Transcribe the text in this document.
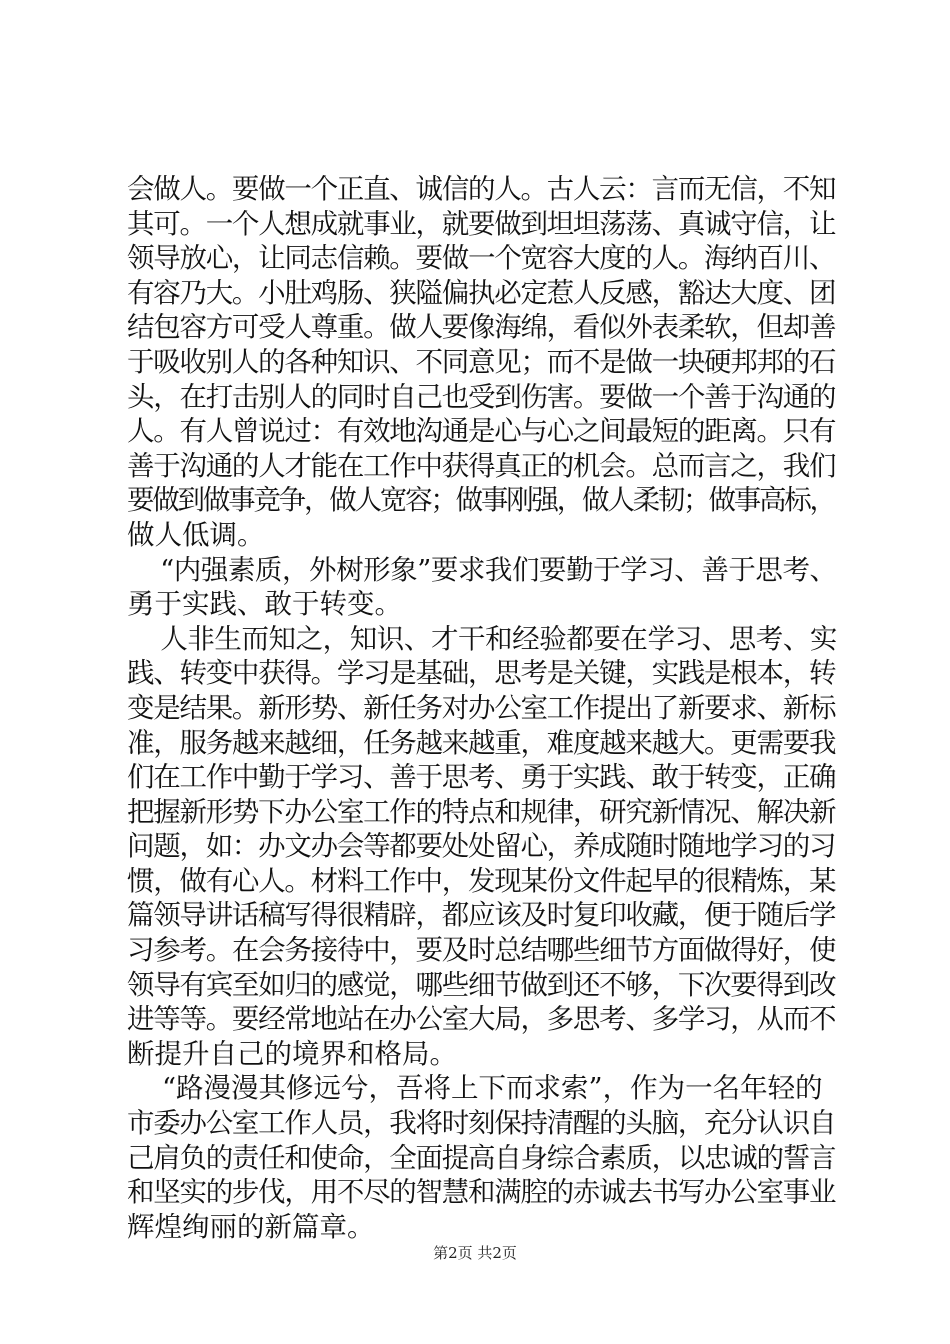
会做人。要做一个正直、诚信的人。古人云：言而无信，不知
其可。一个人想成就事业，就要做到坦坦荡荡、真诚守信，让
领导放心，让同志信赖。要做一个宽容大度的人。海纳百川、
有容乃大。小肚鸡肠、狭隘偏执必定惹人反感，豁达大度、团
结包容方可受人尊重。做人要像海绵，看似外表柔软，但却善
于吸收别人的各种知识、不同意见；而不是做一块硬邦邦的石
头，在打击别人的同时自己也受到伤害。要做一个善于沟通的
人。有人曾说过：有效地沟通是心与心之间最短的距离。只有
善于沟通的人才能在工作中获得真正的机会。总而言之，我们
要做到做事竞争，做人宽容；做事刚强，做人柔韧；做事高标，
做人低调。
“内强素质，外树形象”要求我们要勤于学习、善于思考、
勇于实践、敢于转变。
人非生而知之，知识、才干和经验都要在学习、思考、实
践、转变中获得。学习是基础，思考是关键，实践是根本，转
变是结果。新形势、新任务对办公室工作提出了新要求、新标
准，服务越来越细，任务越来越重，难度越来越大。更需要我
们在工作中勤于学习、善于思考、勇于实践、敢于转变，正确
把握新形势下办公室工作的特点和规律，研究新情况、解决新
问题，如：办文办会等都要处处留心，养成随时随地学习的习
惯，做有心人。材料工作中，发现某份文件起早的很精炼，某
篇领导讲话稿写得很精辟，都应该及时复印收藏，便于随后学
习参考。在会务接待中，要及时总结哪些细节方面做得好，使
领导有宾至如归的感觉，哪些细节做到还不够，下次要得到改
进等等。要经常地站在办公室大局，多思考、多学习，从而不
断提升自己的境界和格局。
“路漫漫其修远兮，吾将上下而求索”，作为一名年轻的
市委办公室工作人员，我将时刻保持清醒的头脑，充分认识自
己肩负的责任和使命，全面提高自身综合素质，以忠诚的誓言
和坚实的步伐，用不尽的智慧和满腔的赤诚去书写办公室事业
辉煌绚丽的新篇章。
第2页 共2页
